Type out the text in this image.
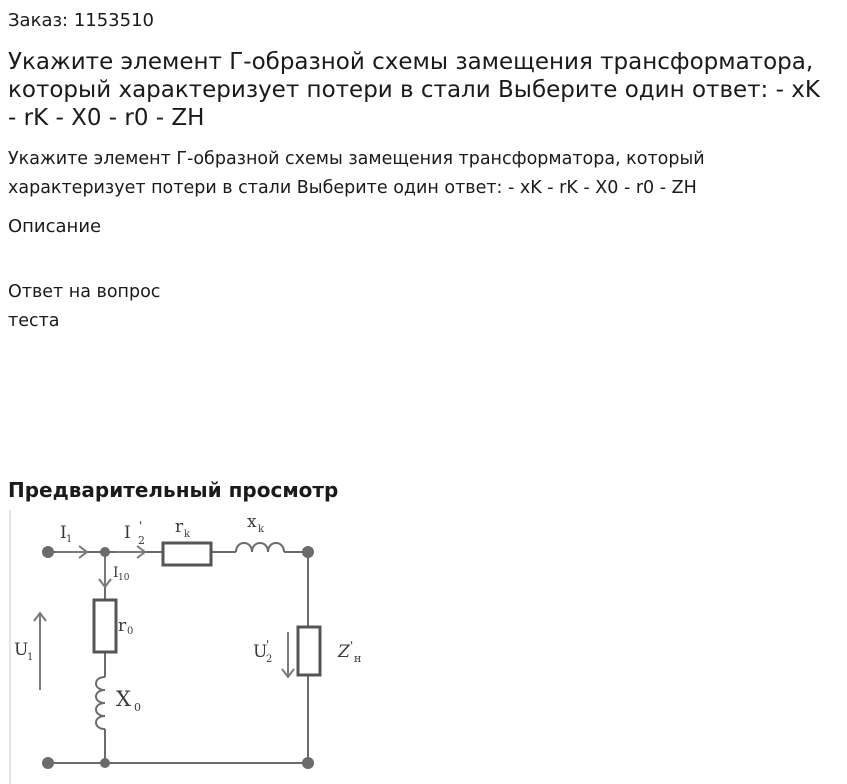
Заказ: 1153510
Укажите элемент Г-образной схемы замещения трансформатора, который характеризует потери в стали Выберите один ответ: - xK - rK - X0 - r0 - ZH

Укажите элемент Г-образной схемы замещения трансформатора, который характеризует потери в стали Выберите один ответ: - xK - rK - X0 - r0 - ZH

Описание
Ответ на вопрос теста
Предварительный просмотр
I 1	I '
2
r k
x k
I 10
r 0
U
1	U
'
2	Z '
н
X 0
